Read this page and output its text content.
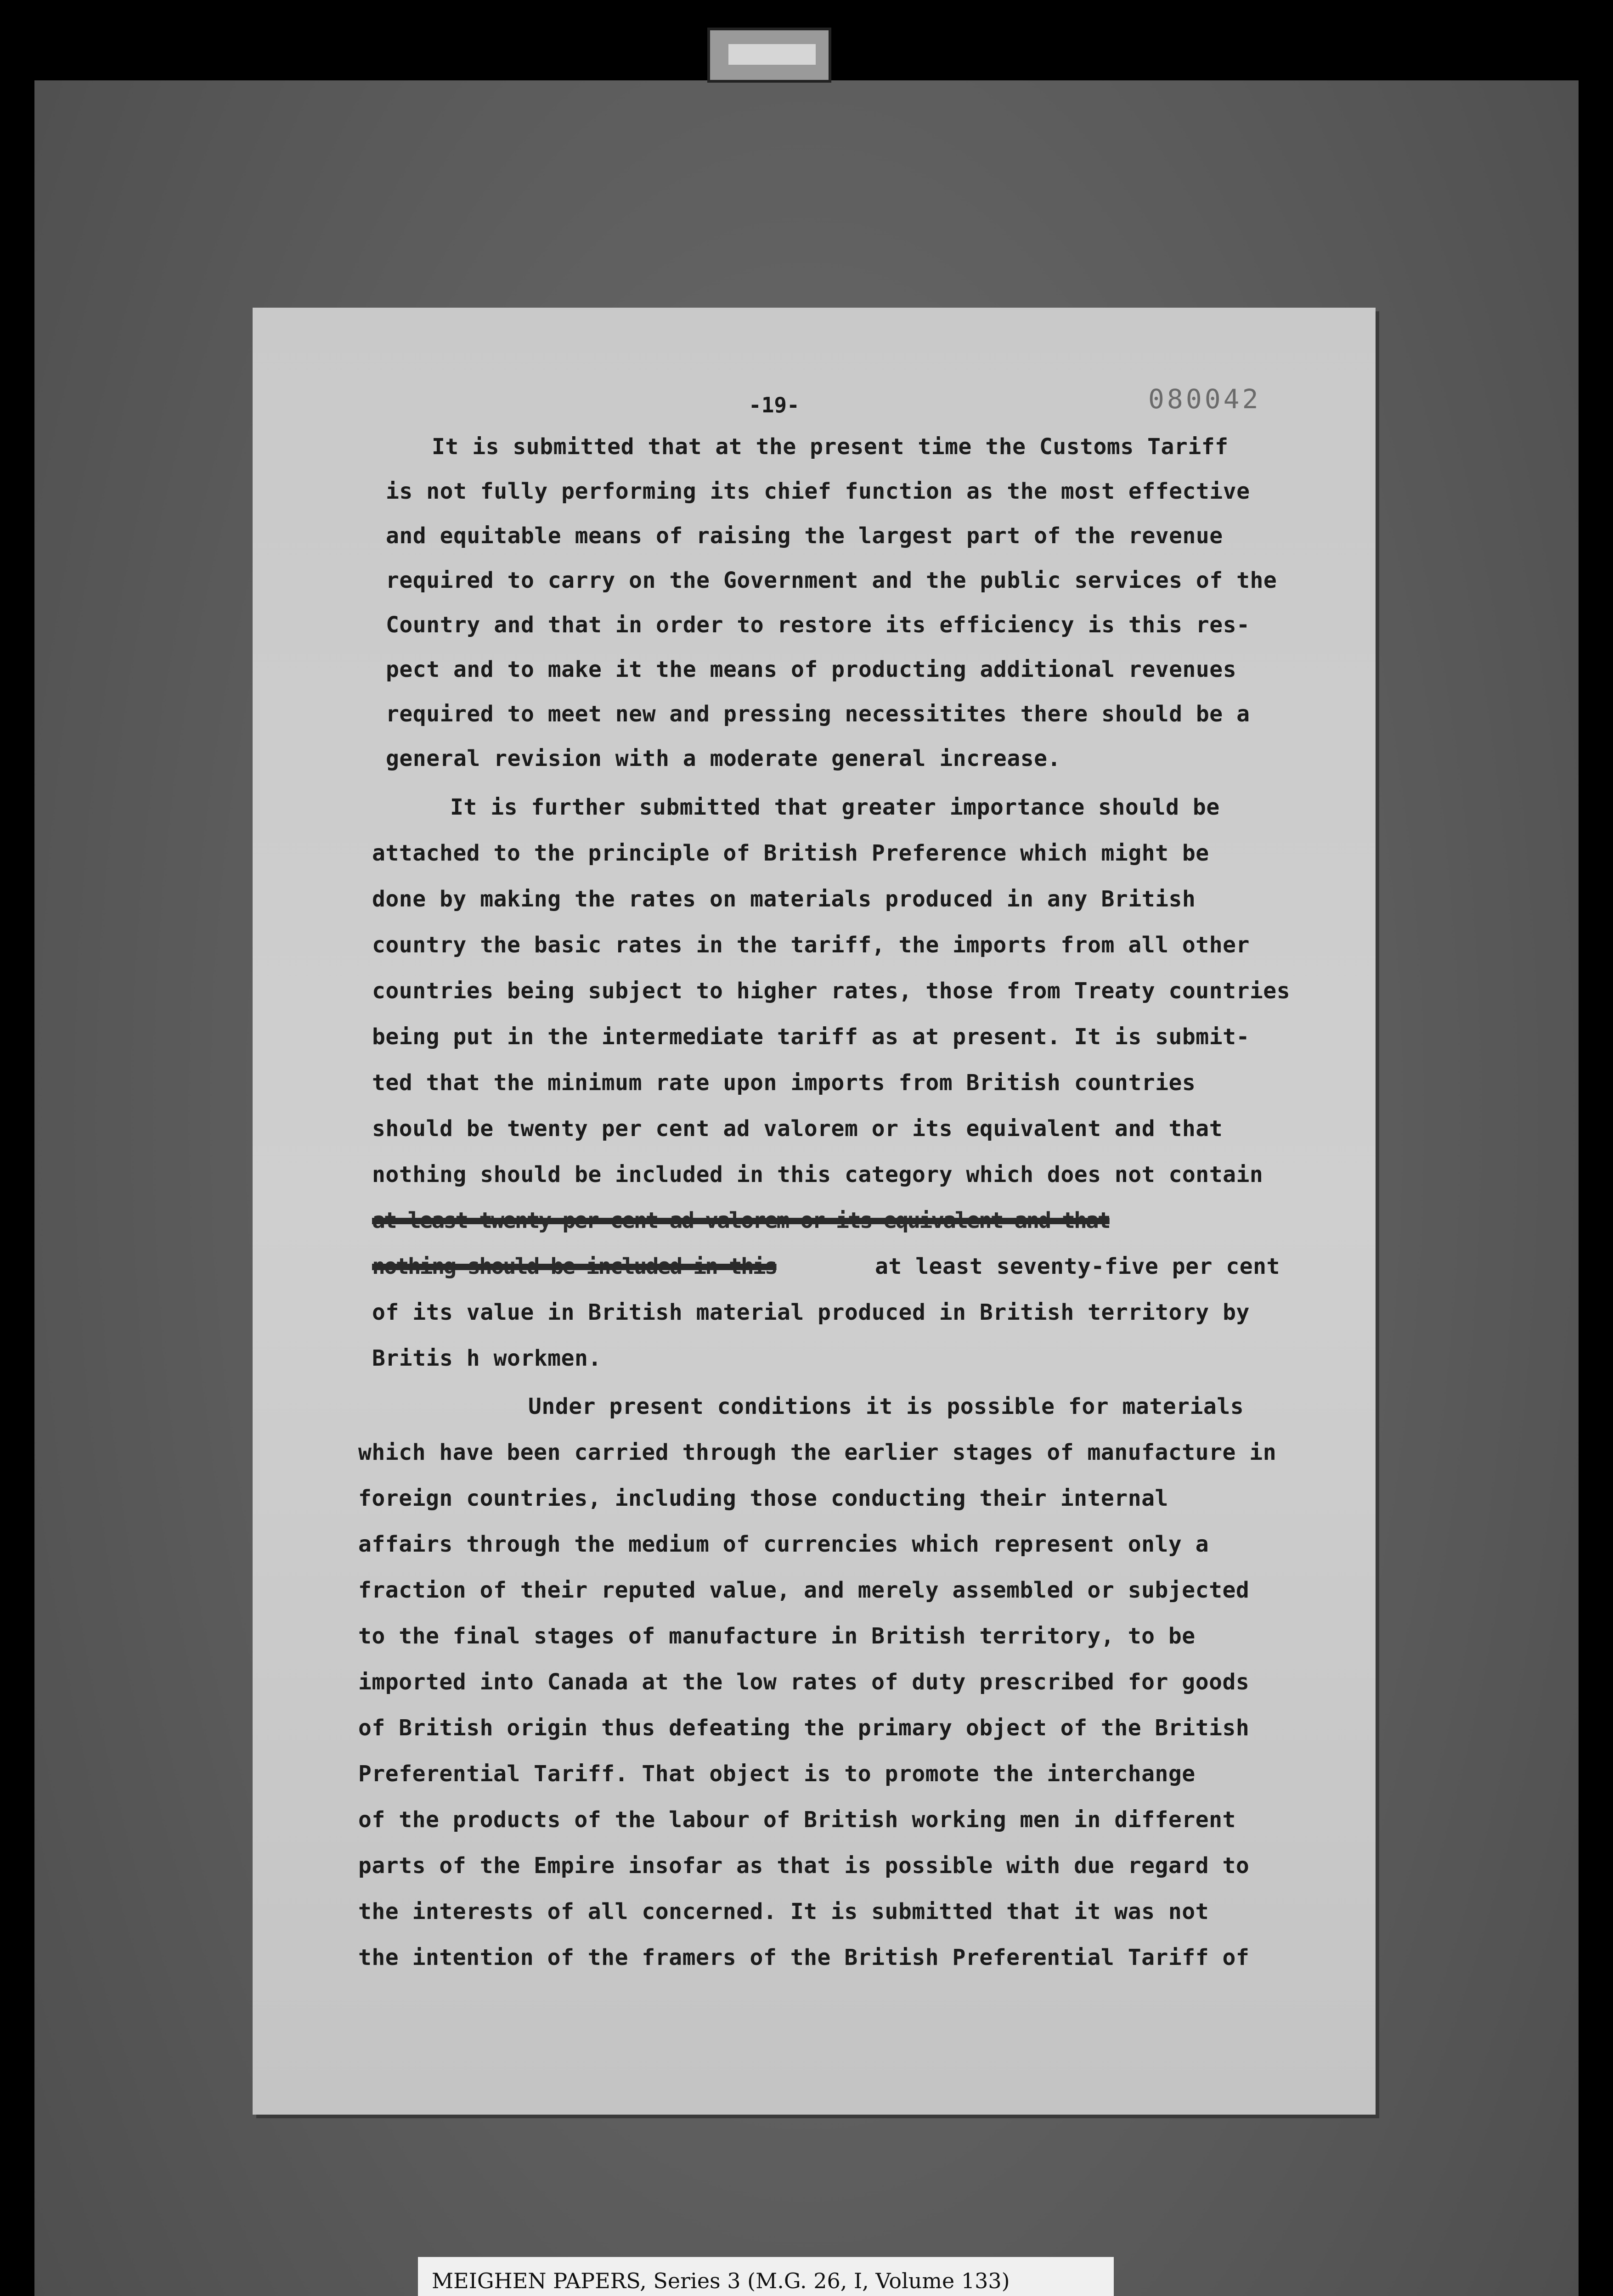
-19-	080042

It is submitted that at the present time the Customs Tariff

is not fully performing its chief function as the most effective

and equitable means of raising the largest part of the revenue

required to carry on the Government and the public services of the

Country and that in order to restore its efficiency is this res-

pect and to make it the means of producting additional revenues

required to meet new and pressing necessitites there should be a

general revision with a moderate general increase.

It is further submitted that greater importance should be

attached to the principle of British Preference which might be

done by making the rates on materials produced in any British

country the basic rates in the tariff, the imports from all other

countries being subject to higher rates, those from Treaty countries

being put in the intermediate tariff as at present. It is submit-

ted that the minimum rate upon imports from British countries

should be twenty per cent ad valorem or its equivalent and that

nothing should be included in this category which does not contain

at least twenty per cent ad valorem or its equivalent and that

nothing should be included in this	at least seventy-five per cent

of its value in British material produced in British territory by

Britis h workmen.

Under present conditions it is possible for materials

which have been carried through the earlier stages of manufacture in

foreign countries, including those conducting their internal

affairs through the medium of currencies which represent only a

fraction of their reputed value, and merely assembled or subjected

to the final stages of manufacture in British territory, to be

imported into Canada at the low rates of duty prescribed for goods

of British origin thus defeating the primary object of the British

Preferential Tariff. That object is to promote the interchange

of the products of the labour of British working men in different

parts of the Empire insofar as that is possible with due regard to

the interests of all concerned. It is submitted that it was not

the intention of the framers of the British Preferential Tariff of

MEIGHEN PAPERS, Series 3 (M.G. 26, I, Volume 133)
